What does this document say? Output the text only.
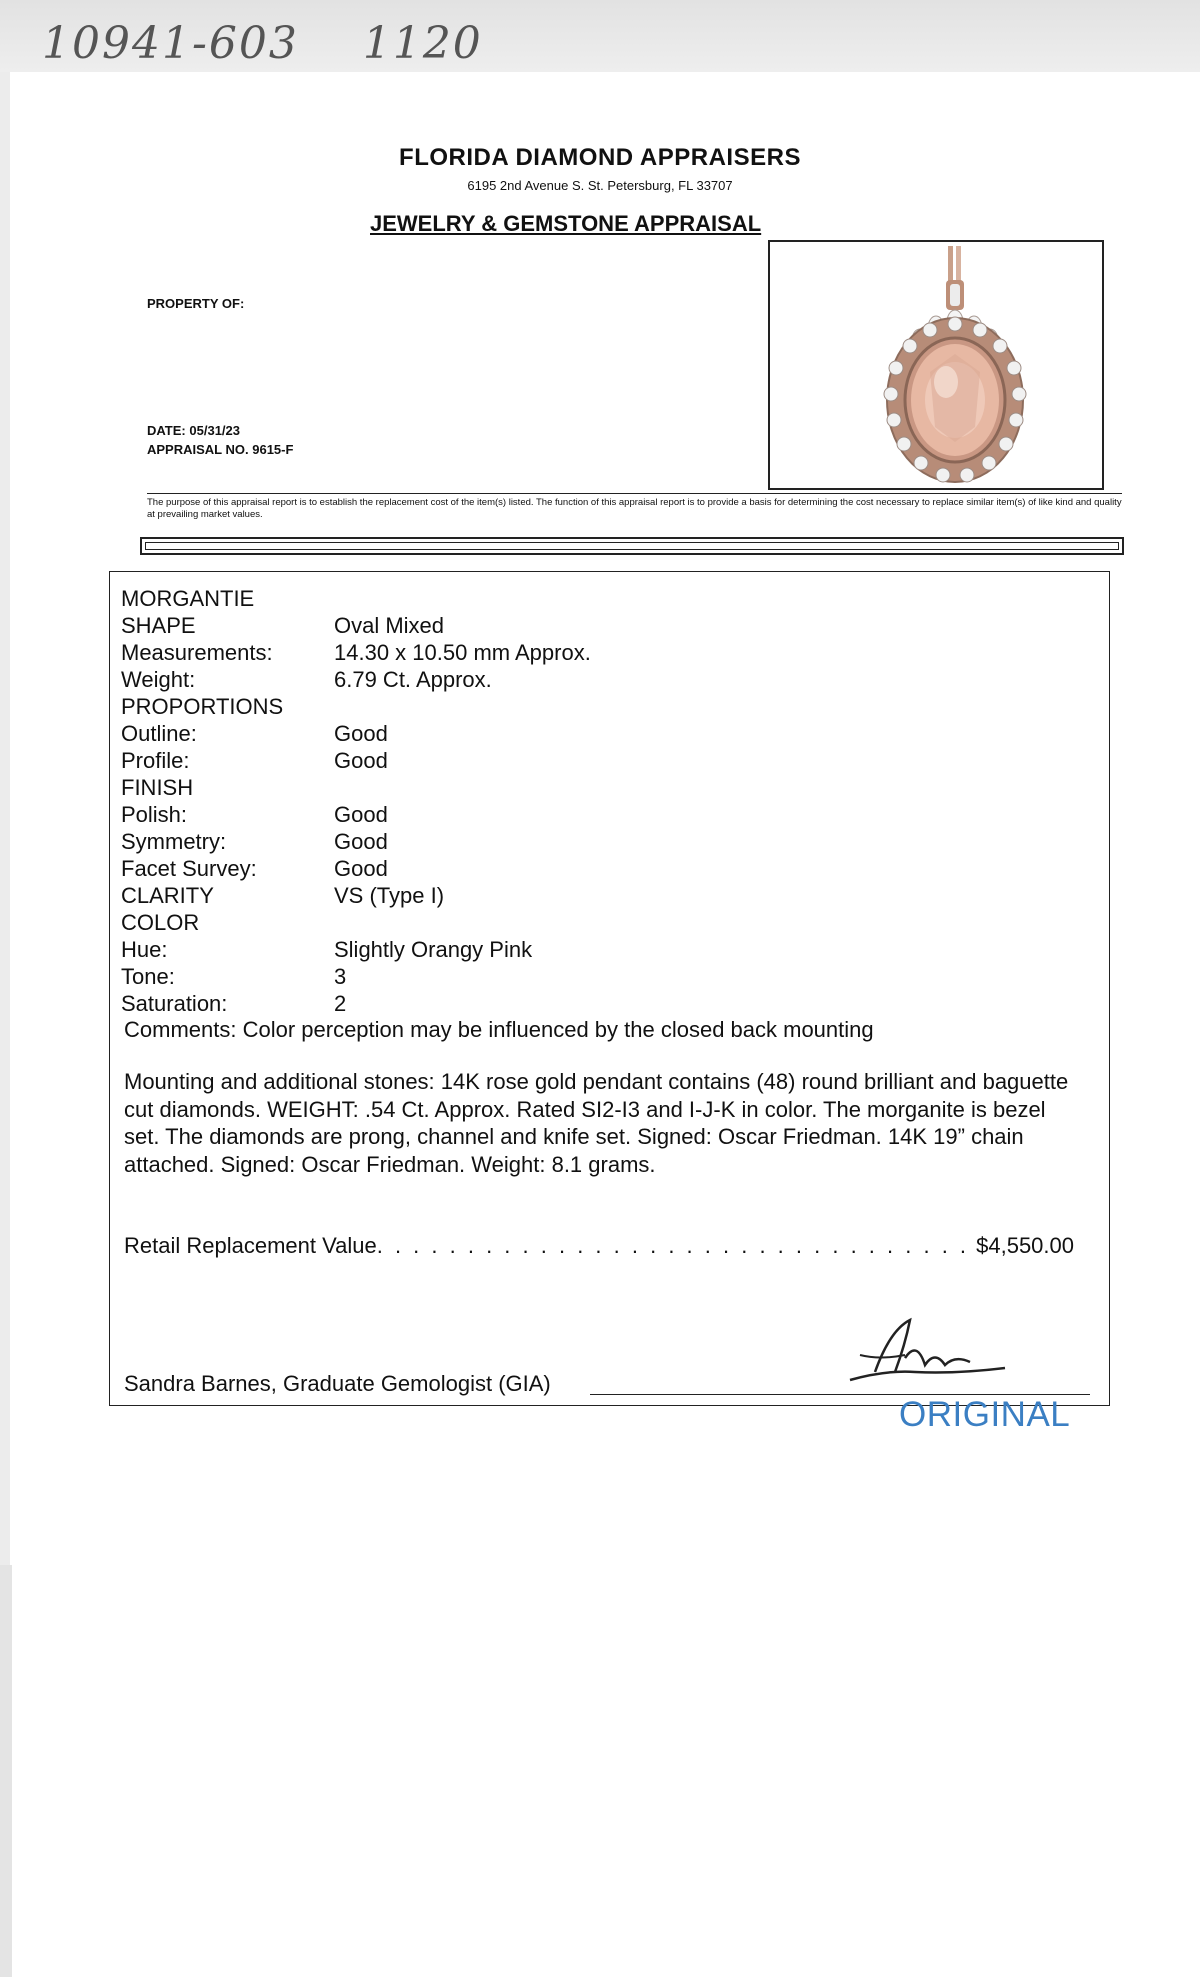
10941-603 1120
FLORIDA DIAMOND APPRAISERS
6195 2nd Avenue S. St. Petersburg, FL 33707
JEWELRY & GEMSTONE APPRAISAL
PROPERTY OF:
DATE: 05/31/23
APPRAISAL NO. 9615-F
The purpose of this appraisal report is to establish the replacement cost of the item(s) listed. The function of this appraisal report is to provide a basis for determining the cost necessary to replace similar item(s) of like kind and quality at prevailing market values.
MORGANTIE
SHAPE	Oval Mixed
Measurements:	14.30 x 10.50 mm Approx.
Weight:	6.79 Ct. Approx.
PROPORTIONS
Outline:	Good
Profile:	Good
FINISH
Polish:	Good
Symmetry:	Good
Facet Survey:	Good
CLARITY	VS (Type I)
COLOR
Hue:	Slightly Orangy Pink
Tone:	3
Saturation:	2
Comments: Color perception may be influenced by the closed back mounting
Mounting and additional stones: 14K rose gold pendant contains (48) round brilliant and baguette cut diamonds. WEIGHT: .54 Ct. Approx. Rated SI2-I3 and I-J-K in color. The morganite is bezel set. The diamonds are prong, channel and knife set. Signed: Oscar Friedman. 14K 19” chain attached. Signed: Oscar Friedman. Weight: 8.1 grams.
Retail Replacement Value
. . .	$4,550.00
Sandra Barnes, Graduate Gemologist (GIA)
ORIGINAL
